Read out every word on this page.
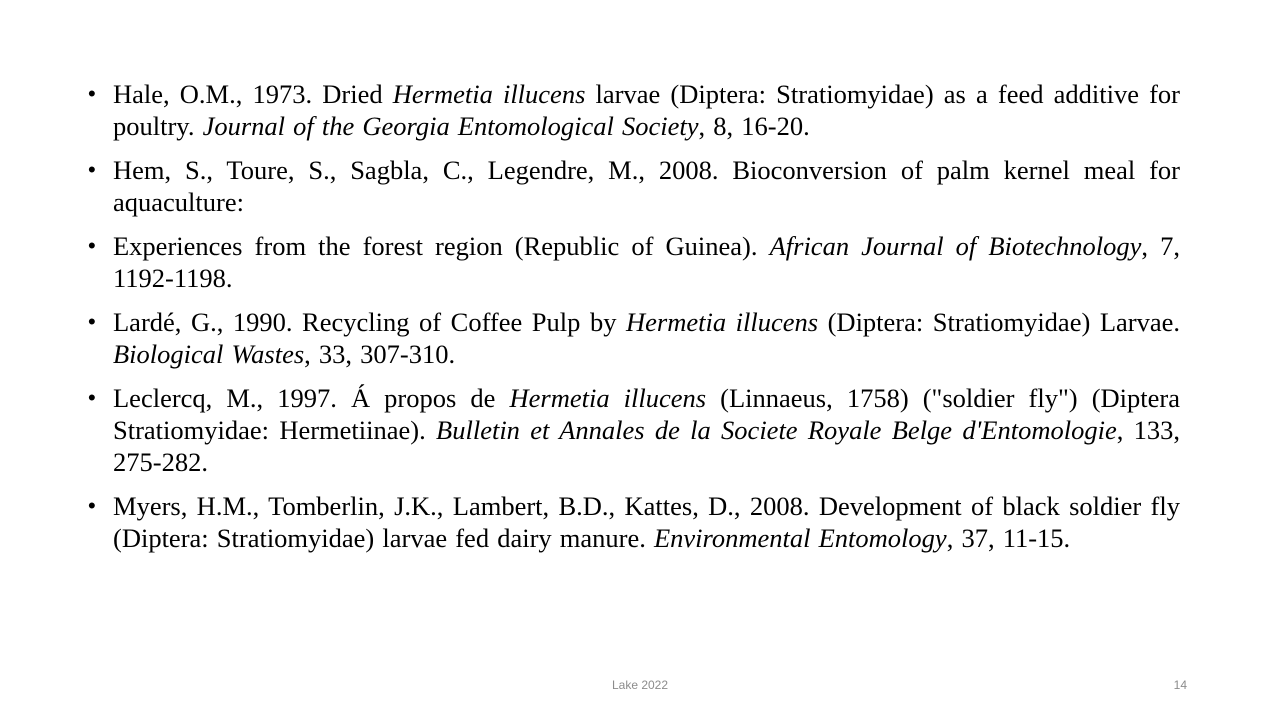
• Hale, O.M., 1973. Dried Hermetia illucens larvae (Diptera: Stratiomyidae) as a feed additive for poultry. Journal of the Georgia Entomological Society, 8, 16-20.
• Hem, S., Toure, S., Sagbla, C., Legendre, M., 2008. Bioconversion of palm kernel meal for aquaculture:
• Experiences from the forest region (Republic of Guinea). African Journal of Biotechnology, 7, 1192-1198.
• Lardé, G., 1990. Recycling of Coffee Pulp by Hermetia illucens (Diptera: Stratiomyidae) Larvae. Biological Wastes, 33, 307-310.
• Leclercq, M., 1997. Á propos de Hermetia illucens (Linnaeus, 1758) ("soldier fly") (Diptera Stratiomyidae: Hermetiinae). Bulletin et Annales de la Societe Royale Belge d'Entomologie, 133, 275-282.
• Myers, H.M., Tomberlin, J.K., Lambert, B.D., Kattes, D., 2008. Development of black soldier fly (Diptera: Stratiomyidae) larvae fed dairy manure. Environmental Entomology, 37, 11-15.
Lake 2022	14
